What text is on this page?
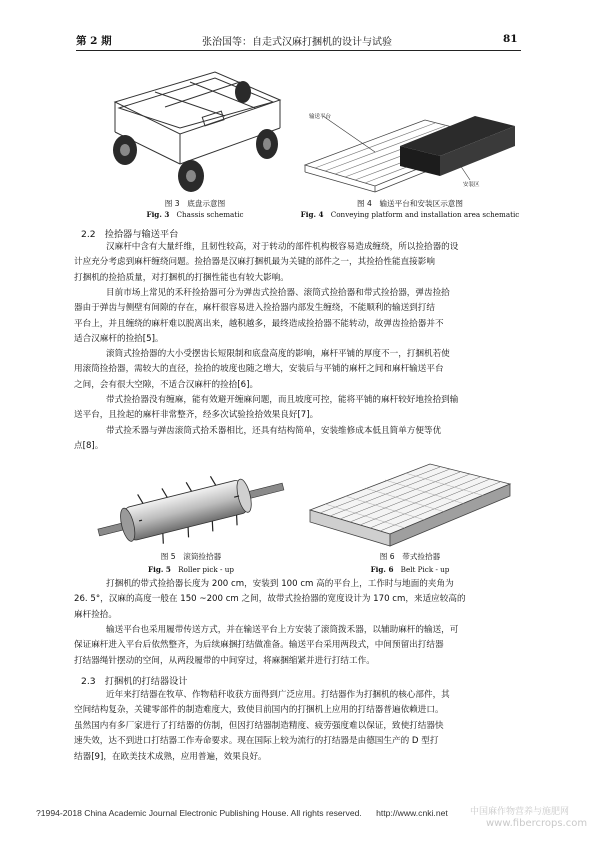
第 2 期	张治国等：自走式汉麻打捆机的设计与试验	81
图 3　底盘示意图
Fig. 3　 Chassis schematic
输送平台
安装区
图 4　输送平台和安装区示意图
Fig. 4　 Conveying platform and installation area schematic
2.2　捡拾器与输送平台
汉麻杆中含有大量纤维，且韧性较高，对于转动的部件机构极容易造成缠绕，所以捡拾器的设
计应充分考虑到麻杆缠绕问题。捡拾器是汉麻打捆机最为关键的部件之一，其捡拾性能直接影响
打捆机的捡拾质量，对打捆机的打捆性能也有较大影响。
目前市场上常见的禾秆捡拾器可分为弹齿式捡拾器、滚筒式捡拾器和带式捡拾器，弹齿捡拾
器由于弹齿与侧壁有间隙的存在，麻杆很容易进入捡拾器内部发生缠绕，不能顺利的输送到打结
平台上，并且缠绕的麻杆难以脱离出来，越积越多，最终造成捡拾器不能转动，故弹齿捡拾器并不
适合汉麻杆的捡拾[5]。
滚筒式捡拾器的大小受摆齿长短限制和底盘高度的影响，麻杆平铺的厚度不一，打捆机若使
用滚筒捡拾器，需较大的直径，捡拾的坡度也随之增大，安装后与平铺的麻杆之间和麻杆输送平台
之间，会有很大空隙，不适合汉麻杆的捡拾[6]。
带式捡拾器没有缠麻，能有效避开缠麻问题，而且坡度可控，能将平铺的麻杆较好地捡拾到输
送平台，且捡起的麻杆非常整齐，经多次试验捡拾效果良好[7]。
带式捡禾器与弹齿滚筒式拾禾器相比，还具有结构简单，安装维修成本低且简单方便等优
点[8]。
图 5　滚筒捡拾器
Fig. 5　 Roller pick - up
图 6　带式捡拾器
Fig. 6　 Belt Pick - up
打捆机的带式捡拾器长度为 200 cm，安装到 100 cm 高的平台上，工作时与地面的夹角为
26. 5°，汉麻的高度一般在 150 ~200 cm 之间，故带式捡拾器的宽度设计为 170 cm，来适应较高的
麻杆捡拾。
输送平台也采用履带传送方式，并在输送平台上方安装了滚筒拨禾器，以辅助麻杆的输送，可
保证麻杆进入平台后依然整齐，为后续麻捆打结做准备。输送平台采用两段式，中间预留出打结器
打结器绳针摆动的空间，从两段履带的中间穿过，将麻捆缩紧并进行打结工作。
2.3　打捆机的打结器设计
近年来打结器在牧草、作物秸秆收获方面得到广泛应用。打结器作为打捆机的核心部件，其
空间结构复杂，关键零部件的制造难度大，致使目前国内的打捆机上应用的打结器普遍依赖进口。
虽然国内有多厂家进行了打结器的仿制，但因打结器制造精度、疲劳强度难以保证，致使打结器快
速失效，达不到进口打结器工作寿命要求。现在国际上较为流行的打结器是由德国生产的 D 型打
结器[9]，在欧美技术成熟，应用普遍，效果良好。
?1994-2018 China Academic Journal Electronic Publishing House. All rights reserved. http://www.cnki.net 中国麻作物营养与施肥网
www.fibercrops.com
